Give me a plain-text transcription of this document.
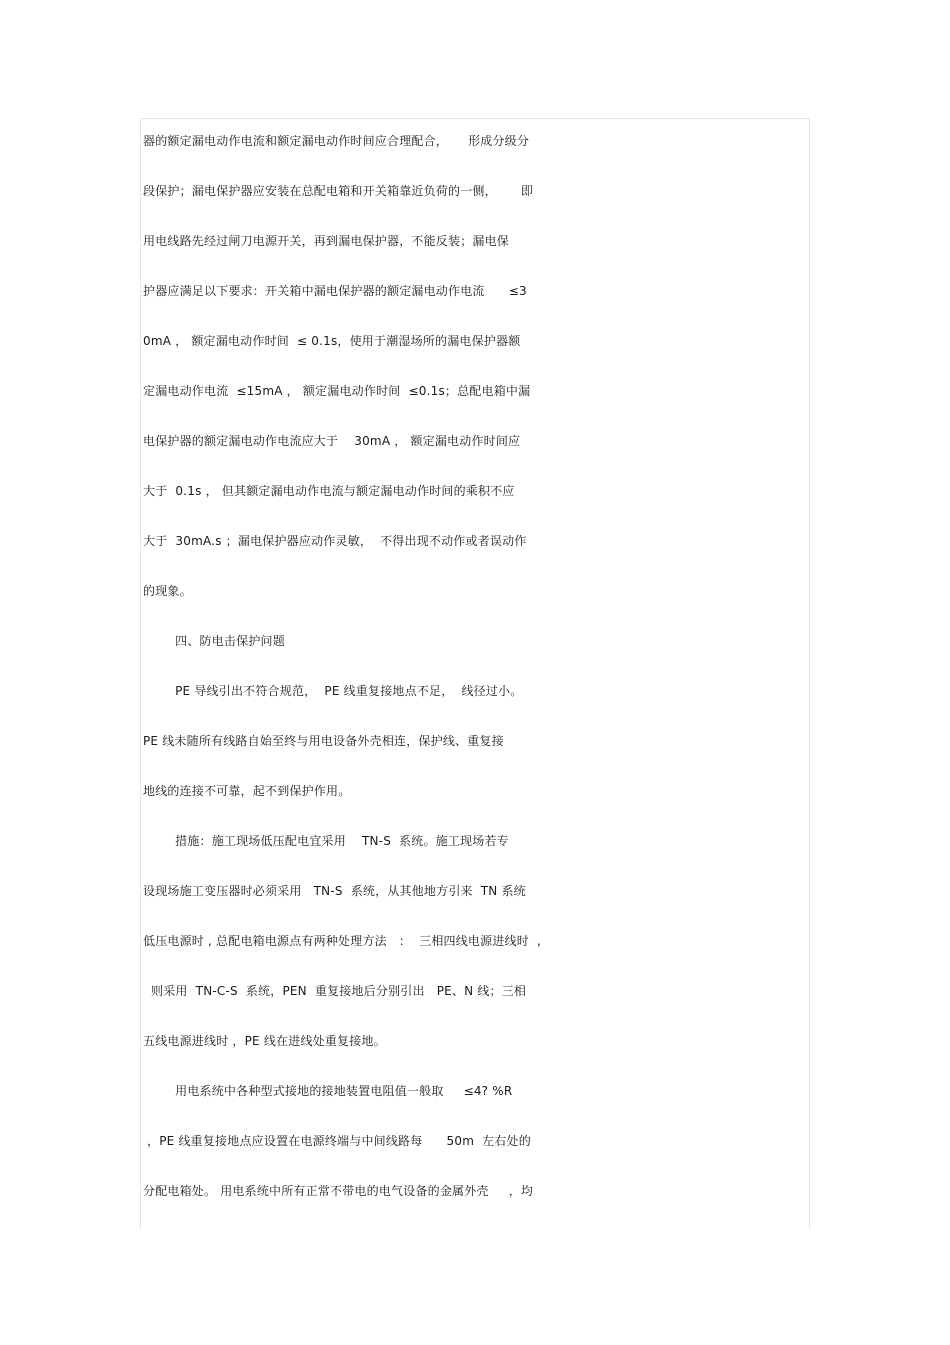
器的额定漏电动作电流和额定漏电动作时间应合理配合，     形成分级分
段保护；漏电保护器应安装在总配电箱和开关箱靠近负荷的一侧，      即
用电线路先经过闸刀电源开关，再到漏电保护器，不能反装；漏电保
护器应满足以下要求：开关箱中漏电保护器的额定漏电动作电流      ≤3
0mA ， 额定漏电动作时间  ≤ 0.1s，使用于潮湿场所的漏电保护器额
定漏电动作电流  ≤15mA ， 额定漏电动作时间  ≤0.1s；总配电箱中漏
电保护器的额定漏电动作电流应大于    30mA ， 额定漏电动作时间应
大于  0.1s ， 但其额定漏电动作电流与额定漏电动作时间的乘积不应
大于  30mA.s ；漏电保护器应动作灵敏，  不得出现不动作或者误动作
的现象。
四、防电击保护问题
PE 导线引出不符合规范，  PE 线重复接地点不足，  线径过小。
PE 线未随所有线路自始至终与用电设备外壳相连，保护线、重复接
地线的连接不可靠，起不到保护作用。
措施：施工现场低压配电宜采用    TN-S  系统。施工现场若专
设现场施工变压器时必须采用   TN-S  系统，从其他地方引来  TN 系统
低压电源时 , 总配电箱电源点有两种处理方法   ：  三相四线电源进线时  ,
则采用  TN-C-S  系统，PEN  重复接地后分别引出   PE、N 线；三相
五线电源进线时 ，PE 线在进线处重复接地。
用电系统中各种型式接地的接地装置电阻值一般取     ≤4? %R
，PE 线重复接地点应设置在电源终端与中间线路每      50m  左右处的
分配电箱处。 用电系统中所有正常不带电的电气设备的金属外壳     ，均
